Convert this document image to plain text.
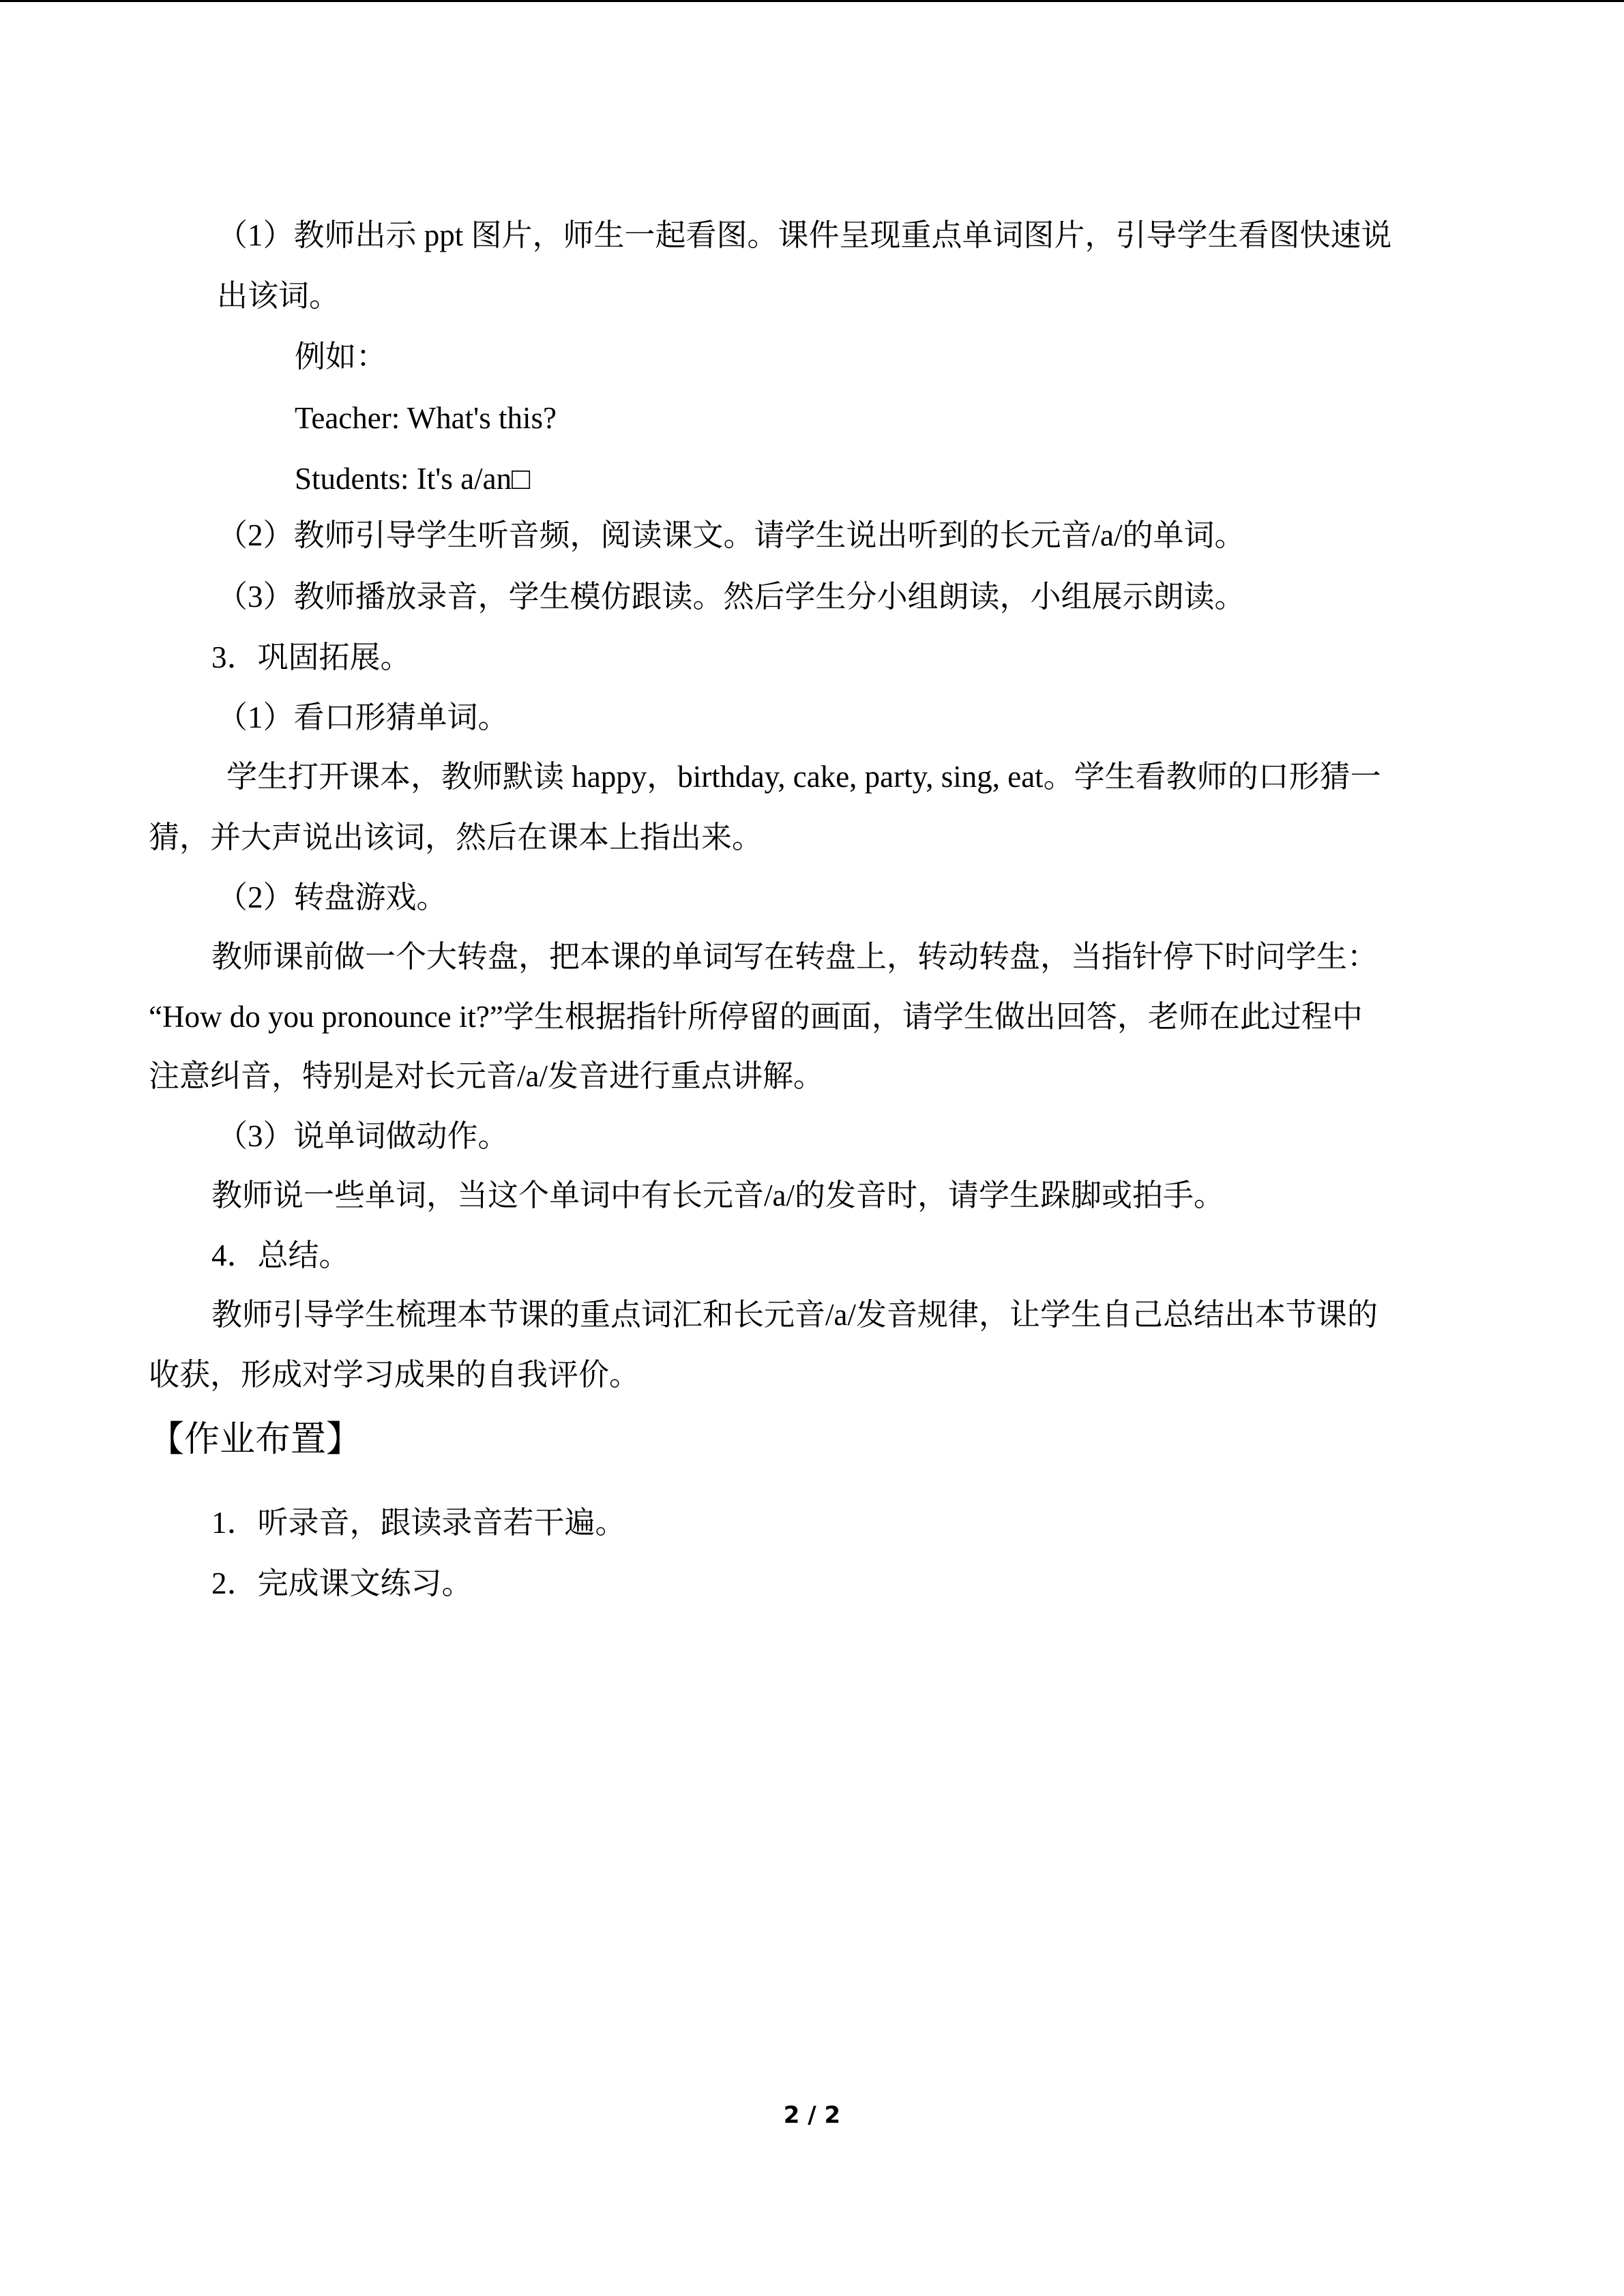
（1）教师出示 ppt 图片，师生一起看图。课件呈现重点单词图片，引导学生看图快速说

出该词。

例如：

Teacher: What's this?

Students: It's a/an□

（2）教师引导学生听音频，阅读课文。请学生说出听到的长元音/a/的单词。

（3）教师播放录音，学生模仿跟读。然后学生分小组朗读，小组展示朗读。

3．巩固拓展。

（1）看口形猜单词。

学生打开课本，教师默读 happy，birthday, cake, party, sing, eat。学生看教师的口形猜一

猜，并大声说出该词，然后在课本上指出来。

（2）转盘游戏。

教师课前做一个大转盘，把本课的单词写在转盘上，转动转盘，当指针停下时问学生：

“How do you pronounce it?”学生根据指针所停留的画面，请学生做出回答，老师在此过程中

注意纠音，特别是对长元音/a/发音进行重点讲解。

（3）说单词做动作。

教师说一些单词，当这个单词中有长元音/a/的发音时，请学生跺脚或拍手。

4．总结。

教师引导学生梳理本节课的重点词汇和长元音/a/发音规律，让学生自己总结出本节课的

收获，形成对学习成果的自我评价。

【作业布置】

1．听录音，跟读录音若干遍。

2．完成课文练习。

2 / 2
